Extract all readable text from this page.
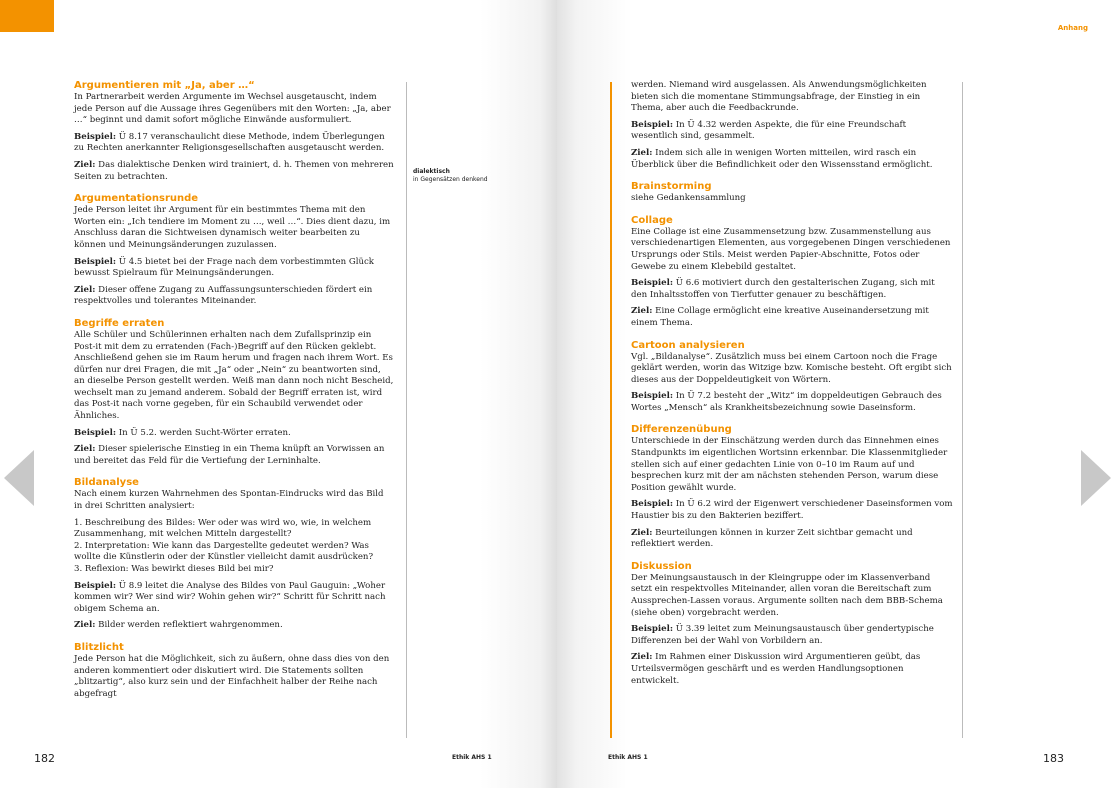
Argumentieren mit „Ja, aber …“

In Partnerarbeit werden Argumente im Wechsel ausgetauscht, indem jede Person auf die Aussage ihres Gegenübers mit den Worten: „Ja, aber …“ beginnt und damit sofort mögliche Einwände ausformuliert.

Beispiel: Ü 8.17 veranschaulicht diese Methode, indem Überlegungen zu Rechten anerkannter Religionsgesellschaften ausgetauscht werden.

Ziel: Das dialektische Denken wird trainiert, d. h. Themen von mehreren Seiten zu betrachten.

Argumentationsrunde

Jede Person leitet ihr Argument für ein bestimmtes Thema mit den Worten ein: „Ich tendiere im Moment zu …, weil …“. Dies dient dazu, im Anschluss daran die Sichtweisen dynamisch weiter bearbeiten zu können und Meinungsänderungen zuzulassen.

Beispiel: Ü 4.5 bietet bei der Frage nach dem vorbestimmten Glück bewusst Spielraum für Meinungsänderungen.

Ziel: Dieser offene Zugang zu Auffassungsunterschieden fördert ein respektvolles und tolerantes Miteinander.

Begriffe erraten

Alle Schüler und Schülerinnen erhalten nach dem Zufallsprinzip ein Post-it mit dem zu erratenden (Fach-)Begriff auf den Rücken geklebt. Anschließend gehen sie im Raum herum und fragen nach ihrem Wort. Es dürfen nur drei Fragen, die mit „Ja“ oder „Nein“ zu beantworten sind, an dieselbe Person gestellt werden. Weiß man dann noch nicht Bescheid, wechselt man zu jemand anderem. Sobald der Begriff erraten ist, wird das Post-it nach vorne gegeben, für ein Schaubild verwendet oder Ähnliches.

Beispiel: In Ü 5.2. werden Sucht-Wörter erraten.

Ziel: Dieser spielerische Einstieg in ein Thema knüpft an Vorwissen an und bereitet das Feld für die Vertiefung der Lerninhalte.

Bildanalyse

Nach einem kurzen Wahrnehmen des Spontan-Eindrucks wird das Bild in drei Schritten analysiert:

1. Beschreibung des Bildes: Wer oder was wird wo, wie, in welchem Zusammenhang, mit welchen Mitteln dargestellt?
2. Interpretation: Wie kann das Dargestellte gedeutet werden? Was wollte die Künstlerin oder der Künstler vielleicht damit ausdrücken?
3. Reflexion: Was bewirkt dieses Bild bei mir?

Beispiel: Ü 8.9 leitet die Analyse des Bildes von Paul Gauguin: „Woher kommen wir? Wer sind wir? Wohin gehen wir?“ Schritt für Schritt nach obigem Schema an.

Ziel: Bilder werden reflektiert wahrgenommen.

Blitzlicht

Jede Person hat die Möglichkeit, sich zu äußern, ohne dass dies von den anderen kommentiert oder diskutiert wird. Die Statements sollten „blitzartig“, also kurz sein und der Einfachheit halber der Reihe nach abgefragt

dialektisch
in Gegensätzen denkend
182	Ethik AHS 1
Anhang

werden. Niemand wird ausgelassen. Als Anwendungsmöglichkeiten bieten sich die momentane Stimmungsabfrage, der Einstieg in ein Thema, aber auch die Feedbackrunde.

Beispiel: In Ü 4.32 werden Aspekte, die für eine Freundschaft wesentlich sind, gesammelt.

Ziel: Indem sich alle in wenigen Worten mitteilen, wird rasch ein Überblick über die Befindlichkeit oder den Wissensstand ermöglicht.

Brainstorming

siehe Gedankensammlung

Collage

Eine Collage ist eine Zusammensetzung bzw. Zusammenstellung aus verschiedenartigen Elementen, aus vorgegebenen Dingen verschiedenen Ursprungs oder Stils. Meist werden Papier-Abschnitte, Fotos oder Gewebe zu einem Klebebild gestaltet.

Beispiel: Ü 6.6 motiviert durch den gestalterischen Zugang, sich mit den Inhaltsstoffen von Tierfutter genauer zu beschäftigen.

Ziel: Eine Collage ermöglicht eine kreative Auseinandersetzung mit einem Thema.

Cartoon analysieren

Vgl. „Bildanalyse“. Zusätzlich muss bei einem Cartoon noch die Frage geklärt werden, worin das Witzige bzw. Komische besteht. Oft ergibt sich dieses aus der Doppeldeutigkeit von Wörtern.

Beispiel: In Ü 7.2 besteht der „Witz“ im doppeldeutigen Gebrauch des Wortes „Mensch“ als Krankheitsbezeichnung sowie Daseinsform.

Differenzenübung

Unterschiede in der Einschätzung werden durch das Einnehmen eines Standpunkts im eigentlichen Wortsinn erkennbar. Die Klassenmitglieder stellen sich auf einer gedachten Linie von 0–10 im Raum auf und besprechen kurz mit der am nächsten stehenden Person, warum diese Position gewählt wurde.

Beispiel: In Ü 6.2 wird der Eigenwert verschiedener Daseinsformen vom Haustier bis zu den Bakterien beziffert.

Ziel: Beurteilungen können in kurzer Zeit sichtbar gemacht und reflektiert werden.

Diskussion

Der Meinungsaustausch in der Kleingruppe oder im Klassenverband setzt ein respektvolles Miteinander, allen voran die Bereitschaft zum Aussprechen-Lassen voraus. Argumente sollten nach dem BBB-Schema (siehe oben) vorgebracht werden.

Beispiel: Ü 3.39 leitet zum Meinungsaustausch über gendertypische Differenzen bei der Wahl von Vorbildern an.

Ziel: Im Rahmen einer Diskussion wird Argumentieren geübt, das Urteilsvermögen geschärft und es werden Handlungsoptionen entwickelt.

Ethik AHS 1	183
